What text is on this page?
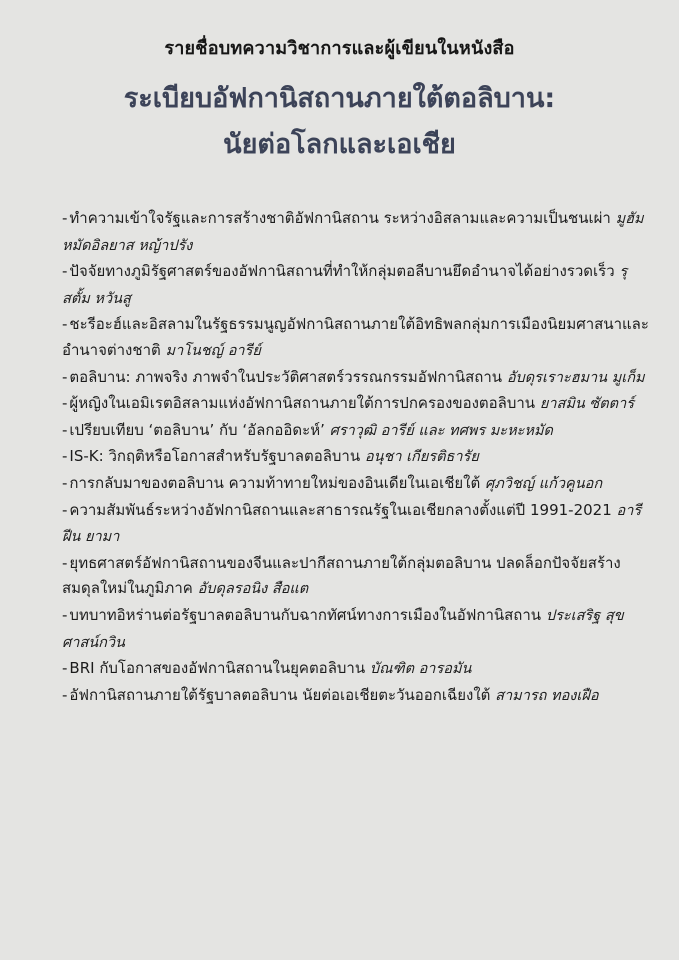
รายชื่อบทความวิชาการและผู้เขียนในหนังสือ
ระเบียบอัฟกานิสถานภายใต้ตอลิบาน:
นัยต่อโลกและเอเชีย
- ทำความเข้าใจรัฐและการสร้างชาติอัฟกานิสถาน ระหว่างอิสลามและความเป็นชนเผ่า มูฮัมหมัดอิลยาส หญ้าปรัง
- ปัจจัยทางภูมิรัฐศาสตร์ของอัฟกานิสถานที่ทำให้กลุ่มตอลีบานยึดอำนาจได้อย่างรวดเร็ว รุสตั้ม หวันสู
- ชะรีอะฮ์และอิสลามในรัฐธรรมนูญอัฟกานิสถานภายใต้อิทธิพลกลุ่มการเมืองนิยมศาสนาและอำนาจต่างชาติ มาโนชญ์ อารีย์
- ตอลิบาน: ภาพจริง ภาพจำในประวัติศาสตร์วรรณกรรมอัฟกานิสถาน อับดุรเราะฮมาน มูเก็ม
- ผู้หญิงในเอมิเรตอิสลามแห่งอัฟกานิสถานภายใต้การปกครองของตอลิบาน ยาสมิน ซัตตาร์
- เปรียบเทียบ ‘ตอลิบาน’ กับ ‘อัลกออิดะห์’ ศราวุฒิ อารีย์ และ ทศพร มะหะหมัด
- IS-K: วิกฤติหรือโอกาสสำหรับรัฐบาลตอลิบาน อนุชา เกียรติธารัย
- การกลับมาของตอลิบาน ความท้าทายใหม่ของอินเดียในเอเชียใต้ ศุภวิชญ์ แก้วคูนอก
- ความสัมพันธ์ระหว่างอัฟกานิสถานและสาธารณรัฐในเอเชียกลางตั้งแต่ปี 1991-2021 อารีฝีน ยามา
- ยุทธศาสตร์อัฟกานิสถานของจีนและปากีสถานภายใต้กลุ่มตอลิบาน ปลดล็อกปัจจัยสร้างสมดุลใหม่ในภูมิภาค อับดุลรอนิง สือแต
- บทบาทอิหร่านต่อรัฐบาลตอลิบานกับฉากทัศน์ทางการเมืองในอัฟกานิสถาน ประเสริฐ สุขศาสน์กวิน
- BRI กับโอกาสของอัฟกานิสถานในยุคตอลิบาน บัณฑิต อารอมัน
- อัฟกานิสถานภายใต้รัฐบาลตอลิบาน นัยต่อเอเชียตะวันออกเฉียงใต้ สามารถ ทองเฝือ
